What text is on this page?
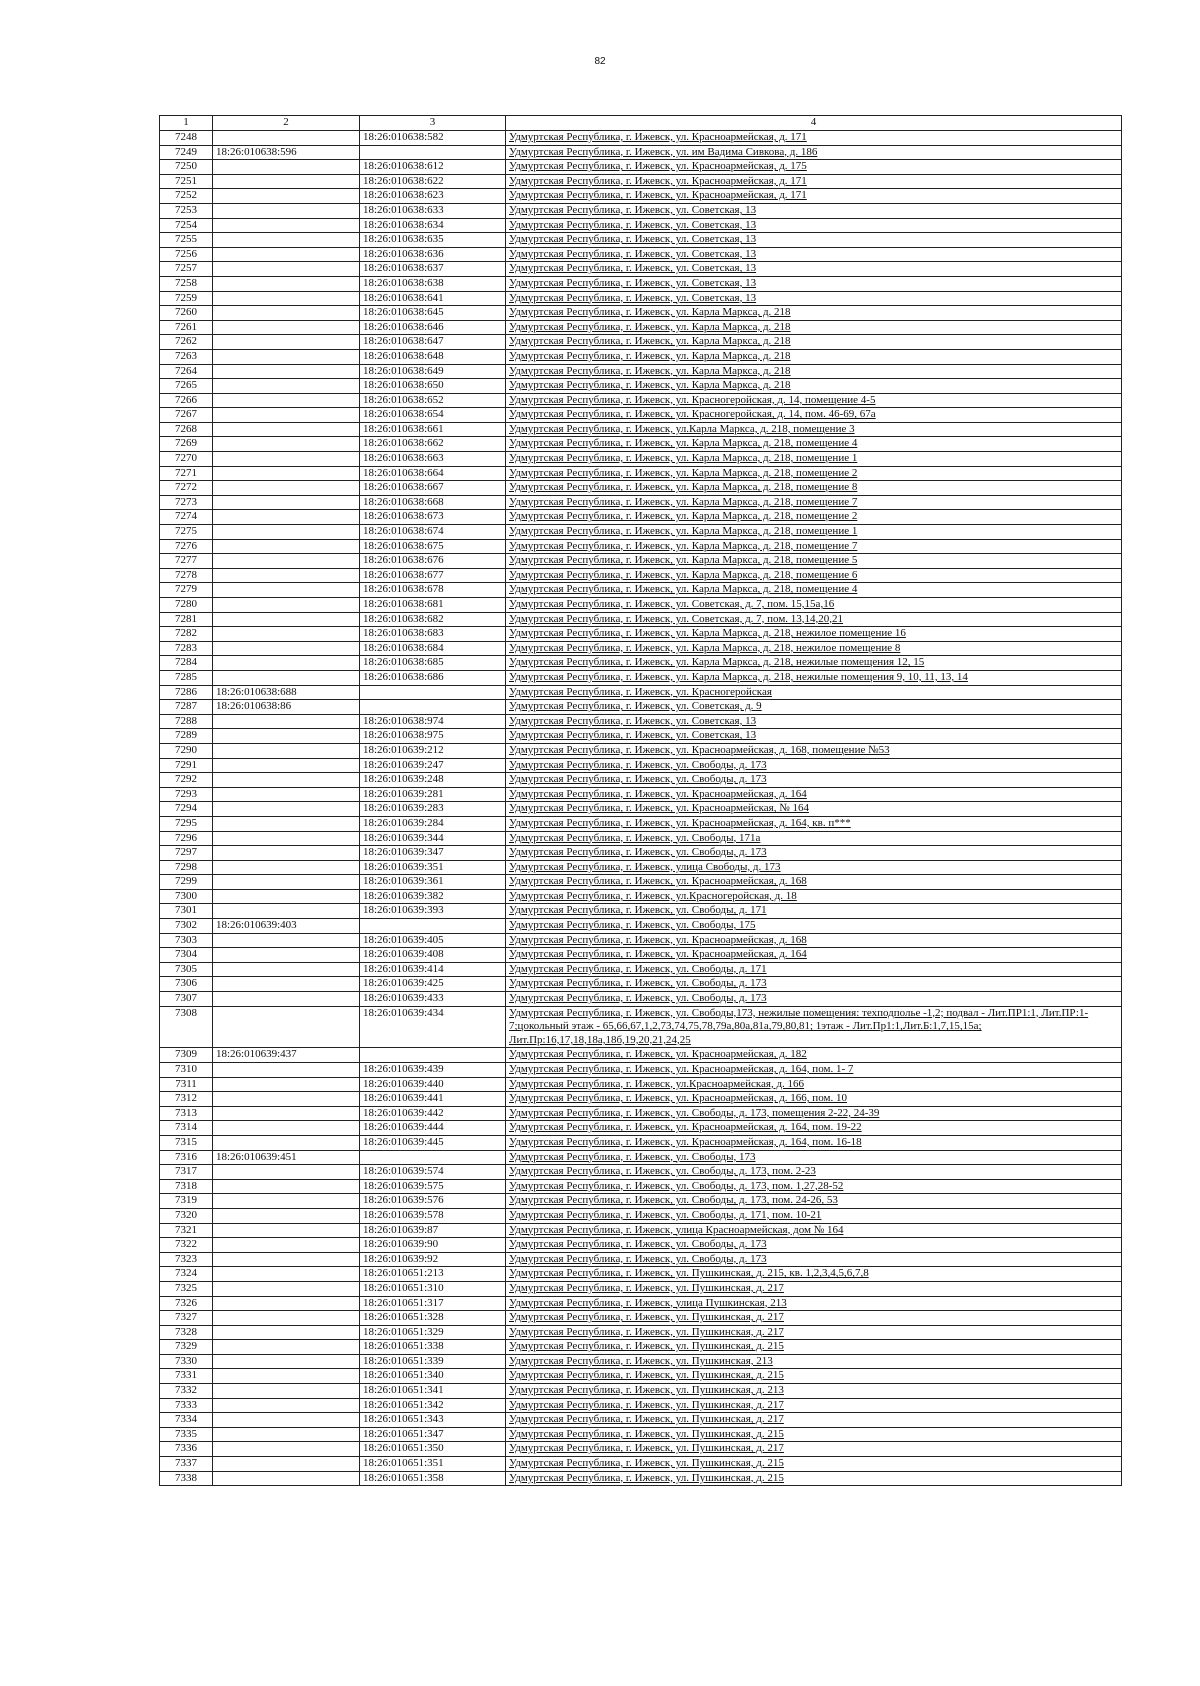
82
1	2	3	4
7248		18:26:010638:582	Удмуртская Республика, г. Ижевск, ул. Красноармейская, д. 171
7249	18:26:010638:596		Удмуртская Республика, г. Ижевск, ул. им Вадима Сивкова, д. 186
7250		18:26:010638:612	Удмуртская Республика, г. Ижевск, ул. Красноармейская, д. 175
7251		18:26:010638:622	Удмуртская Республика, г. Ижевск, ул. Красноармейская, д. 171
7252		18:26:010638:623	Удмуртская Республика, г. Ижевск, ул. Красноармейская, д. 171
7253		18:26:010638:633	Удмуртская Республика, г. Ижевск, ул. Советская, 13
7254		18:26:010638:634	Удмуртская Республика, г. Ижевск, ул. Советская, 13
7255		18:26:010638:635	Удмуртская Республика, г. Ижевск, ул. Советская, 13
7256		18:26:010638:636	Удмуртская Республика, г. Ижевск, ул. Советская, 13
7257		18:26:010638:637	Удмуртская Республика, г. Ижевск, ул. Советская, 13
7258		18:26:010638:638	Удмуртская Республика, г. Ижевск, ул. Советская, 13
7259		18:26:010638:641	Удмуртская Республика, г. Ижевск, ул. Советская, 13
7260		18:26:010638:645	Удмуртская Республика, г. Ижевск, ул. Карла Маркса, д. 218
7261		18:26:010638:646	Удмуртская Республика, г. Ижевск, ул. Карла Маркса, д. 218
7262		18:26:010638:647	Удмуртская Республика, г. Ижевск, ул. Карла Маркса, д. 218
7263		18:26:010638:648	Удмуртская Республика, г. Ижевск, ул. Карла Маркса, д. 218
7264		18:26:010638:649	Удмуртская Республика, г. Ижевск, ул. Карла Маркса, д. 218
7265		18:26:010638:650	Удмуртская Республика, г. Ижевск, ул. Карла Маркса, д. 218
7266		18:26:010638:652	Удмуртская Республика, г. Ижевск, ул. Красногеройская, д. 14, помещение 4-5
7267		18:26:010638:654	Удмуртская Республика, г. Ижевск, ул. Красногеройская, д. 14, пом. 46-69, 67а
7268		18:26:010638:661	Удмуртская Республика, г. Ижевск, ул.Карла Маркса, д. 218, помещение 3
7269		18:26:010638:662	Удмуртская Республика, г. Ижевск, ул. Карла Маркса, д. 218, помещение 4
7270		18:26:010638:663	Удмуртская Республика, г. Ижевск, ул. Карла Маркса, д. 218, помещение 1
7271		18:26:010638:664	Удмуртская Республика, г. Ижевск, ул. Карла Маркса, д. 218, помещение 2
7272		18:26:010638:667	Удмуртская Республика, г. Ижевск, ул. Карла Маркса, д. 218, помещение 8
7273		18:26:010638:668	Удмуртская Республика, г. Ижевск, ул. Карла Маркса, д. 218, помещение 7
7274		18:26:010638:673	Удмуртская Республика, г. Ижевск, ул. Карла Маркса, д. 218, помещение 2
7275		18:26:010638:674	Удмуртская Республика, г. Ижевск, ул. Карла Маркса, д. 218, помещение 1
7276		18:26:010638:675	Удмуртская Республика, г. Ижевск, ул. Карла Маркса, д. 218, помещение 7
7277		18:26:010638:676	Удмуртская Республика, г. Ижевск, ул. Карла Маркса, д. 218, помещение 5
7278		18:26:010638:677	Удмуртская Республика, г. Ижевск, ул. Карла Маркса, д. 218, помещение 6
7279		18:26:010638:678	Удмуртская Республика, г. Ижевск, ул. Карла Маркса, д. 218, помещение 4
7280		18:26:010638:681	Удмуртская Республика, г. Ижевск, ул. Советская, д. 7, пом. 15,15а,16
7281		18:26:010638:682	Удмуртская Республика, г. Ижевск, ул. Советская, д. 7, пом. 13,14,20,21
7282		18:26:010638:683	Удмуртская Республика, г. Ижевск, ул. Карла Маркса, д. 218, нежилое помещение 16
7283		18:26:010638:684	Удмуртская Республика, г. Ижевск, ул. Карла Маркса, д. 218, нежилое помещение 8
7284		18:26:010638:685	Удмуртская Республика, г. Ижевск, ул. Карла Маркса, д. 218, нежилые помещения 12, 15
7285		18:26:010638:686	Удмуртская Республика, г. Ижевск, ул. Карла Маркса, д. 218, нежилые помещения 9, 10, 11, 13, 14
7286	18:26:010638:688		Удмуртская Республика, г. Ижевск, ул. Красногеройская
7287	18:26:010638:86		Удмуртская Республика, г. Ижевск, ул. Советская, д. 9
7288		18:26:010638:974	Удмуртская Республика, г. Ижевск, ул. Советская, 13
7289		18:26:010638:975	Удмуртская Республика, г. Ижевск, ул. Советская, 13
7290		18:26:010639:212	Удмуртская Республика, г. Ижевск, ул. Красноармейская, д. 168, помещение №53
7291		18:26:010639:247	Удмуртская Республика, г. Ижевск, ул. Свободы, д. 173
7292		18:26:010639:248	Удмуртская Республика, г. Ижевск, ул. Свободы, д. 173
7293		18:26:010639:281	Удмуртская Республика, г. Ижевск, ул. Красноармейская, д. 164
7294		18:26:010639:283	Удмуртская Республика, г. Ижевск, ул. Красноармейская, № 164
7295		18:26:010639:284	Удмуртская Республика, г. Ижевск, ул. Красноармейская, д. 164, кв. п***
7296		18:26:010639:344	Удмуртская Республика, г. Ижевск, ул. Свободы, 171а
7297		18:26:010639:347	Удмуртская Республика, г. Ижевск, ул. Свободы, д. 173
7298		18:26:010639:351	Удмуртская Республика, г. Ижевск, улица Свободы, д. 173
7299		18:26:010639:361	Удмуртская Республика, г. Ижевск, ул. Красноармейская, д. 168
7300		18:26:010639:382	Удмуртская Республика, г. Ижевск, ул.Красногеройская, д. 18
7301		18:26:010639:393	Удмуртская Республика, г. Ижевск, ул. Свободы, д. 171
7302	18:26:010639:403		Удмуртская Республика, г. Ижевск, ул. Свободы, 175
7303		18:26:010639:405	Удмуртская Республика, г. Ижевск, ул. Красноармейская, д. 168
7304		18:26:010639:408	Удмуртская Республика, г. Ижевск, ул. Красноармейская, д. 164
7305		18:26:010639:414	Удмуртская Республика, г. Ижевск, ул. Свободы, д. 171
7306		18:26:010639:425	Удмуртская Республика, г. Ижевск, ул. Свободы, д. 173
7307		18:26:010639:433	Удмуртская Республика, г. Ижевск, ул. Свободы, д. 173
7308		18:26:010639:434	Удмуртская Республика, г. Ижевск, ул. Свободы,173, нежилые помещения: техподполье -1,2; подвал - Лит.ПР1:1, Лит.ПР:1-7;цокольный этаж - 65,66,67,1,2,73,74,75,78,79а,80а,81а,79,80,81; 1этаж - Лит.Пр1:1,Лит.Б:1,7,15,15а; Лит.Пр:16,17,18,18а,18б,19,20,21,24,25
7309	18:26:010639:437		Удмуртская Республика, г. Ижевск, ул. Красноармейская, д. 182
7310		18:26:010639:439	Удмуртская Республика, г. Ижевск, ул. Красноармейская, д. 164, пом. 1- 7
7311		18:26:010639:440	Удмуртская Республика, г. Ижевск, ул.Красноармейская, д. 166
7312		18:26:010639:441	Удмуртская Республика, г. Ижевск, ул. Красноармейская, д. 166, пом. 10
7313		18:26:010639:442	Удмуртская Республика, г. Ижевск, ул. Свободы, д. 173, помещения 2-22, 24-39
7314		18:26:010639:444	Удмуртская Республика, г. Ижевск, ул. Красноармейская, д. 164, пом. 19-22
7315		18:26:010639:445	Удмуртская Республика, г. Ижевск, ул. Красноармейская, д. 164, пом. 16-18
7316	18:26:010639:451		Удмуртская Республика, г. Ижевск, ул. Свободы, 173
7317		18:26:010639:574	Удмуртская Республика, г. Ижевск, ул. Свободы, д. 173, пом. 2-23
7318		18:26:010639:575	Удмуртская Республика, г. Ижевск, ул. Свободы, д. 173, пом. 1,27,28-52
7319		18:26:010639:576	Удмуртская Республика, г. Ижевск, ул. Свободы, д. 173, пом. 24-26, 53
7320		18:26:010639:578	Удмуртская Республика, г. Ижевск, ул. Свободы, д. 171, пом. 10-21
7321		18:26:010639:87	Удмуртская Республика, г. Ижевск, улица Красноармейская, дом № 164
7322		18:26:010639:90	Удмуртская Республика, г. Ижевск, ул. Свободы, д. 173
7323		18:26:010639:92	Удмуртская Республика, г. Ижевск, ул. Свободы, д. 173
7324		18:26:010651:213	Удмуртская Республика, г. Ижевск, ул. Пушкинская, д. 215, кв. 1,2,3,4,5,6,7,8
7325		18:26:010651:310	Удмуртская Республика, г. Ижевск, ул. Пушкинская, д. 217
7326		18:26:010651:317	Удмуртская Республика, г. Ижевск, улица Пушкинская, 213
7327		18:26:010651:328	Удмуртская Республика, г. Ижевск, ул. Пушкинская, д. 217
7328		18:26:010651:329	Удмуртская Республика, г. Ижевск, ул. Пушкинская, д. 217
7329		18:26:010651:338	Удмуртская Республика, г. Ижевск, ул. Пушкинская, д. 215
7330		18:26:010651:339	Удмуртская Республика, г. Ижевск, ул. Пушкинская, 213
7331		18:26:010651:340	Удмуртская Республика, г. Ижевск, ул. Пушкинская, д. 215
7332		18:26:010651:341	Удмуртская Республика, г. Ижевск, ул. Пушкинская, д. 213
7333		18:26:010651:342	Удмуртская Республика, г. Ижевск, ул. Пушкинская, д. 217
7334		18:26:010651:343	Удмуртская Республика, г. Ижевск, ул. Пушкинская, д. 217
7335		18:26:010651:347	Удмуртская Республика, г. Ижевск, ул. Пушкинская, д. 215
7336		18:26:010651:350	Удмуртская Республика, г. Ижевск, ул. Пушкинская, д. 217
7337		18:26:010651:351	Удмуртская Республика, г. Ижевск, ул. Пушкинская, д. 215
7338		18:26:010651:358	Удмуртская Республика, г. Ижевск, ул. Пушкинская, д. 215
